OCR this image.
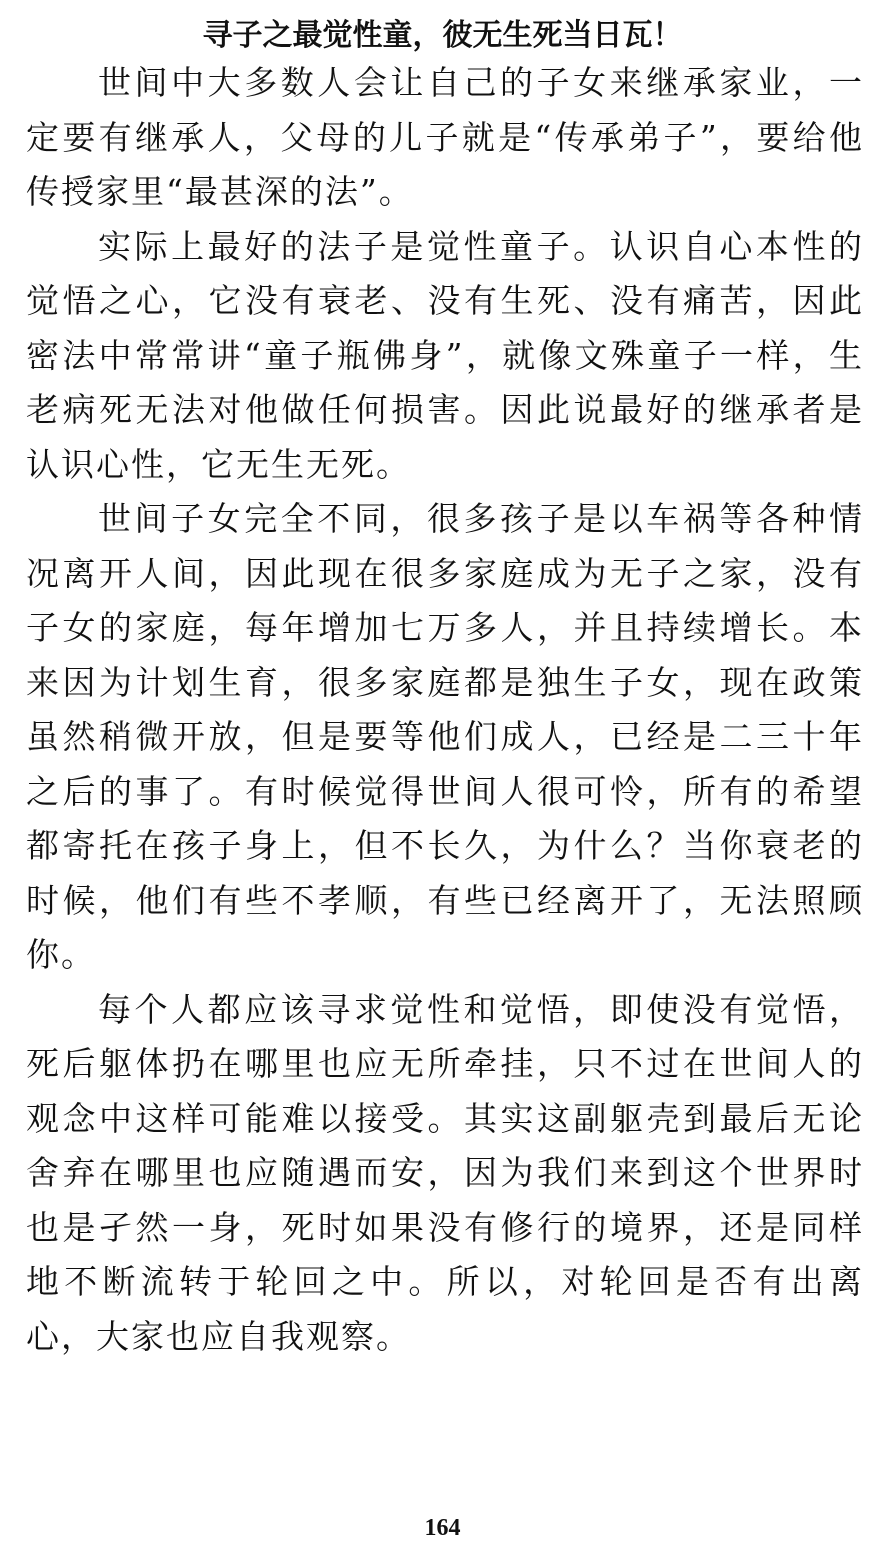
寻子之最觉性童，彼无生死当日瓦！

世间中大多数人会让自己的子女来继承家业，一定要有继承人，父母的儿子就是“传承弟子”，要给他传授家里“最甚深的法”。

实际上最好的法子是觉性童子。认识自心本性的觉悟之心，它没有衰老、没有生死、没有痛苦，因此密法中常常讲“童子瓶佛身”，就像文殊童子一样，生老病死无法对他做任何损害。因此说最好的继承者是认识心性，它无生无死。

世间子女完全不同，很多孩子是以车祸等各种情况离开人间，因此现在很多家庭成为无子之家，没有子女的家庭，每年增加七万多人，并且持续增长。本来因为计划生育，很多家庭都是独生子女，现在政策虽然稍微开放，但是要等他们成人，已经是二三十年之后的事了。有时候觉得世间人很可怜，所有的希望都寄托在孩子身上，但不长久，为什么？当你衰老的时候，他们有些不孝顺，有些已经离开了，无法照顾你。

每个人都应该寻求觉性和觉悟，即使没有觉悟，死后躯体扔在哪里也应无所牵挂，只不过在世间人的观念中这样可能难以接受。其实这副躯壳到最后无论舍弃在哪里也应随遇而安，因为我们来到这个世界时也是孑然一身，死时如果没有修行的境界，还是同样地不断流转于轮回之中。所以，对轮回是否有出离心，大家也应自我观察。

164
